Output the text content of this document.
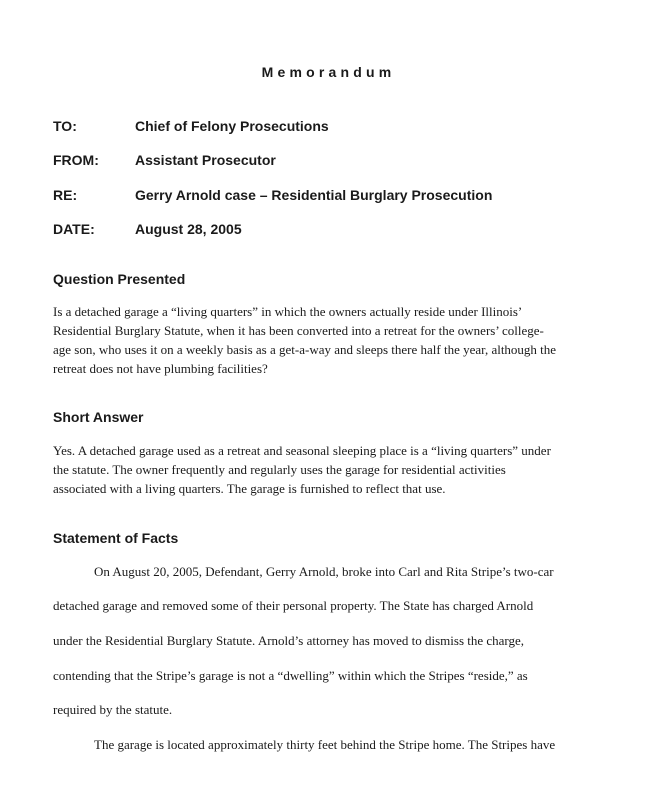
Memorandum
TO:	Chief of Felony Prosecutions
FROM:	Assistant Prosecutor
RE:	Gerry Arnold case – Residential Burglary Prosecution
DATE:	August 28, 2005
Question Presented
Is a detached garage a “living quarters” in which the owners actually reside under Illinois’
Residential Burglary Statute, when it has been converted into a retreat for the owners’ college-
age son, who uses it on a weekly basis as a get-a-way and sleeps there half the year, although the
retreat does not have plumbing facilities?
Short Answer
Yes. A detached garage used as a retreat and seasonal sleeping place is a “living quarters” under
the statute. The owner frequently and regularly uses the garage for residential activities
associated with a living quarters. The garage is furnished to reflect that use.
Statement of Facts
On August 20, 2005, Defendant, Gerry Arnold, broke into Carl and Rita Stripe’s two-car
detached garage and removed some of their personal property. The State has charged Arnold
under the Residential Burglary Statute. Arnold’s attorney has moved to dismiss the charge,
contending that the Stripe’s garage is not a “dwelling” within which the Stripes “reside,” as
required by the statute.
The garage is located approximately thirty feet behind the Stripe home. The Stripes have
